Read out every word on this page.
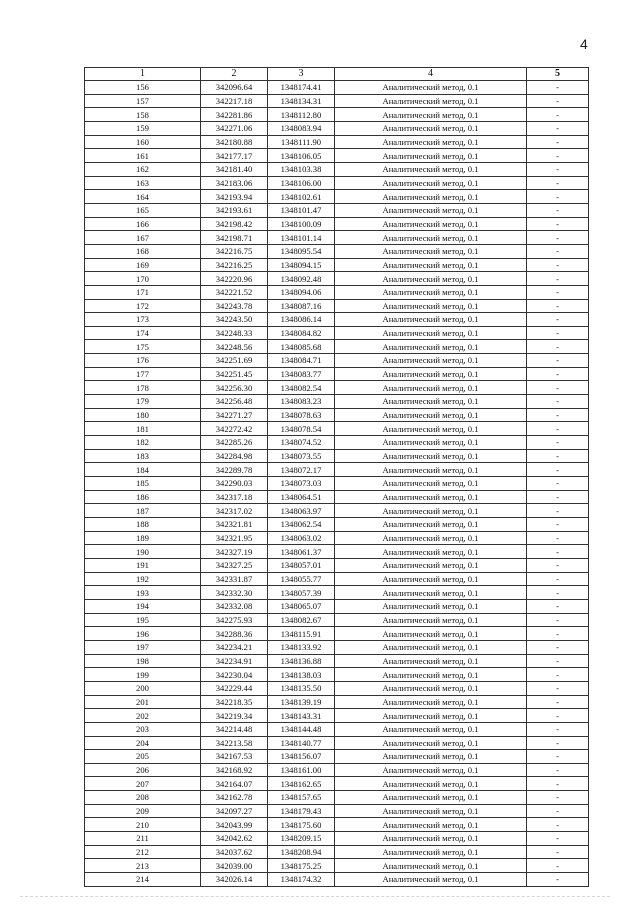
4
1	2	3	4	5
156	342096.64	1348174.41	Аналитический метод, 0.1	-
157	342217.18	1348134.31	Аналитический метод, 0.1	-
158	342281.86	1348112.80	Аналитический метод, 0.1	-
159	342271.06	1348083.94	Аналитический метод, 0.1	-
160	342180.88	1348111.90	Аналитический метод, 0.1	-
161	342177.17	1348106.05	Аналитический метод, 0.1	-
162	342181.40	1348103.38	Аналитический метод, 0.1	-
163	342183.06	1348106.00	Аналитический метод, 0.1	-
164	342193.94	1348102.61	Аналитический метод, 0.1	-
165	342193.61	1348101.47	Аналитический метод, 0.1	-
166	342198.42	1348100.09	Аналитический метод, 0.1	-
167	342198.71	1348101.14	Аналитический метод, 0.1	-
168	342216.75	1348095.54	Аналитический метод, 0.1	-
169	342216.25	1348094.15	Аналитический метод, 0.1	-
170	342220.96	1348092.48	Аналитический метод, 0.1	-
171	342221.52	1348094.06	Аналитический метод, 0.1	-
172	342243.78	1348087.16	Аналитический метод, 0.1	-
173	342243.50	1348086.14	Аналитический метод, 0.1	-
174	342248.33	1348084.82	Аналитический метод, 0.1	-
175	342248.56	1348085.68	Аналитический метод, 0.1	-
176	342251.69	1348084.71	Аналитический метод, 0.1	-
177	342251.45	1348083.77	Аналитический метод, 0.1	-
178	342256.30	1348082.54	Аналитический метод, 0.1	-
179	342256.48	1348083.23	Аналитический метод, 0.1	-
180	342271.27	1348078.63	Аналитический метод, 0.1	-
181	342272.42	1348078.54	Аналитический метод, 0.1	-
182	342285.26	1348074.52	Аналитический метод, 0.1	-
183	342284.98	1348073.55	Аналитический метод, 0.1	-
184	342289.78	1348072.17	Аналитический метод, 0.1	-
185	342290.03	1348073.03	Аналитический метод, 0.1	-
186	342317.18	1348064.51	Аналитический метод, 0.1	-
187	342317.02	1348063.97	Аналитический метод, 0.1	-
188	342321.81	1348062.54	Аналитический метод, 0.1	-
189	342321.95	1348063.02	Аналитический метод, 0.1	-
190	342327.19	1348061.37	Аналитический метод, 0.1	-
191	342327.25	1348057.01	Аналитический метод, 0.1	-
192	342331.87	1348055.77	Аналитический метод, 0.1	-
193	342332.30	1348057.39	Аналитический метод, 0.1	-
194	342332.08	1348065.07	Аналитический метод, 0.1	-
195	342275.93	1348082.67	Аналитический метод, 0.1	-
196	342288.36	1348115.91	Аналитический метод, 0.1	-
197	342234.21	1348133.92	Аналитический метод, 0.1	-
198	342234.91	1348136.88	Аналитический метод, 0.1	-
199	342230.04	1348138.03	Аналитический метод, 0.1	-
200	342229.44	1348135.50	Аналитический метод, 0.1	-
201	342218.35	1348139.19	Аналитический метод, 0.1	-
202	342219.34	1348143.31	Аналитический метод, 0.1	-
203	342214.48	1348144.48	Аналитический метод, 0.1	-
204	342213.58	1348140.77	Аналитический метод, 0.1	-
205	342167.53	1348156.07	Аналитический метод, 0.1	-
206	342168.92	1348161.00	Аналитический метод, 0.1	-
207	342164.07	1348162.65	Аналитический метод, 0.1	-
208	342162.78	1348157.65	Аналитический метод, 0.1	-
209	342097.27	1348179.43	Аналитический метод, 0.1	-
210	342043.99	1348175.60	Аналитический метод, 0.1	-
211	342042.62	1348209.15	Аналитический метод, 0.1	-
212	342037.62	1348208.94	Аналитический метод, 0.1	-
213	342039.00	1348175.25	Аналитический метод, 0.1	-
214	342026.14	1348174.32	Аналитический метод, 0.1	-
